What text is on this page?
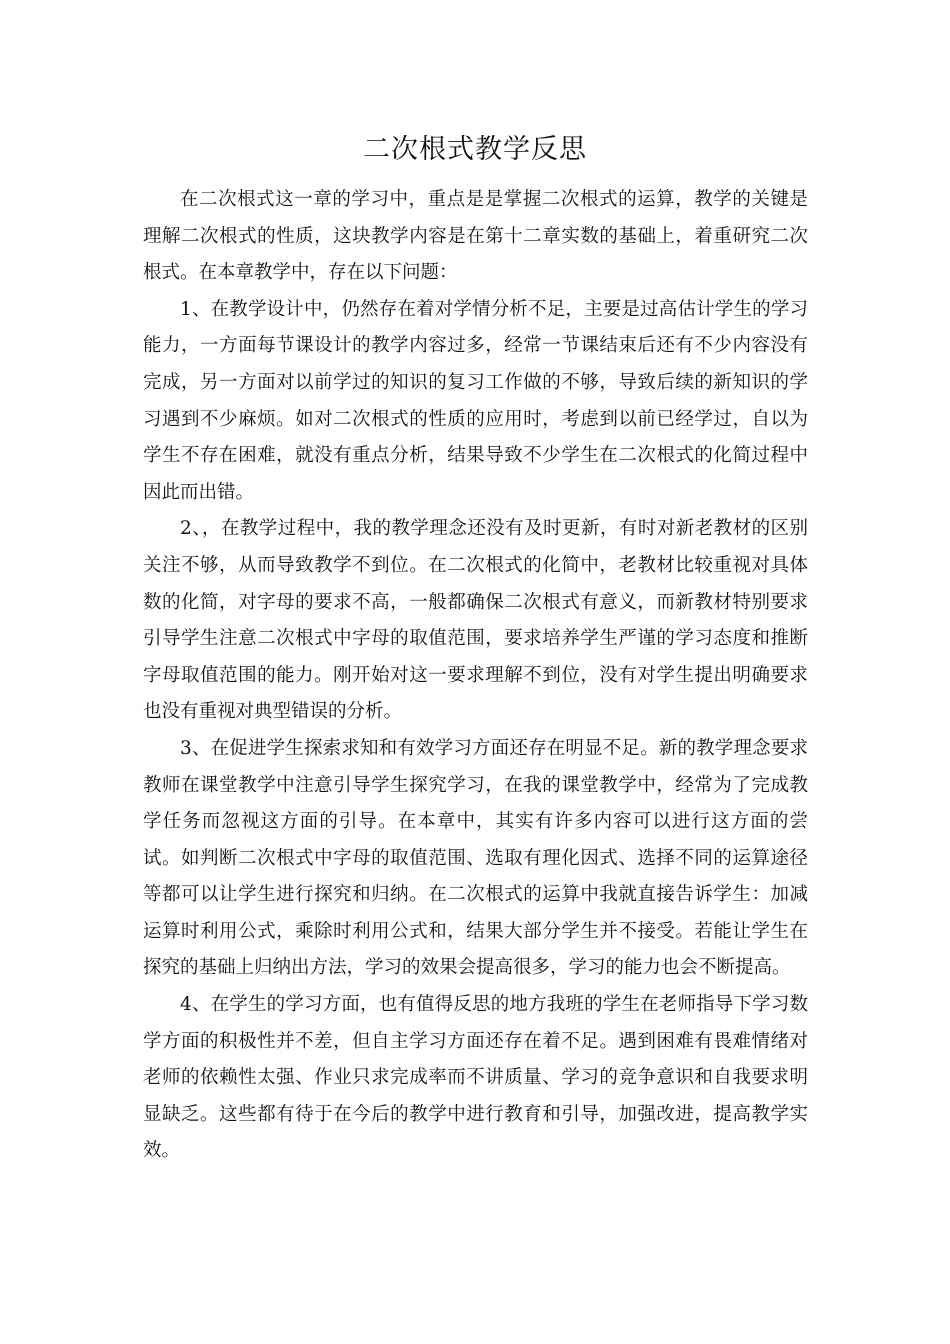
二次根式教学反思

在二次根式这一章的学习中，重点是是掌握二次根式的运算，教学的关键是理解二次根式的性质，这块教学内容是在第十二章实数的基础上，着重研究二次根式。在本章教学中，存在以下问题：

1、在教学设计中，仍然存在着对学情分析不足，主要是过高估计学生的学习能力，一方面每节课设计的教学内容过多，经常一节课结束后还有不少内容没有完成，另一方面对以前学过的知识的复习工作做的不够，导致后续的新知识的学习遇到不少麻烦。如对二次根式的性质的应用时，考虑到以前已经学过，自以为学生不存在困难，就没有重点分析，结果导致不少学生在二次根式的化简过程中因此而出错。

2、，在教学过程中，我的教学理念还没有及时更新，有时对新老教材的区别关注不够，从而导致教学不到位。在二次根式的化简中，老教材比较重视对具体数的化简，对字母的要求不高，一般都确保二次根式有意义，而新教材特别要求引导学生注意二次根式中字母的取值范围，要求培养学生严谨的学习态度和推断字母取值范围的能力。刚开始对这一要求理解不到位，没有对学生提出明确要求也没有重视对典型错误的分析。

3、在促进学生探索求知和有效学习方面还存在明显不足。新的教学理念要求教师在课堂教学中注意引导学生探究学习，在我的课堂教学中，经常为了完成教学任务而忽视这方面的引导。在本章中，其实有许多内容可以进行这方面的尝试。如判断二次根式中字母的取值范围、选取有理化因式、选择不同的运算途径等都可以让学生进行探究和归纳。在二次根式的运算中我就直接告诉学生：加减运算时利用公式，乘除时利用公式和，结果大部分学生并不接受。若能让学生在探究的基础上归纳出方法，学习的效果会提高很多，学习的能力也会不断提高。

4、在学生的学习方面，也有值得反思的地方我班的学生在老师指导下学习数学方面的积极性并不差，但自主学习方面还存在着不足。遇到困难有畏难情绪对老师的依赖性太强、作业只求完成率而不讲质量、学习的竞争意识和自我要求明显缺乏。这些都有待于在今后的教学中进行教育和引导，加强改进，提高教学实效。
